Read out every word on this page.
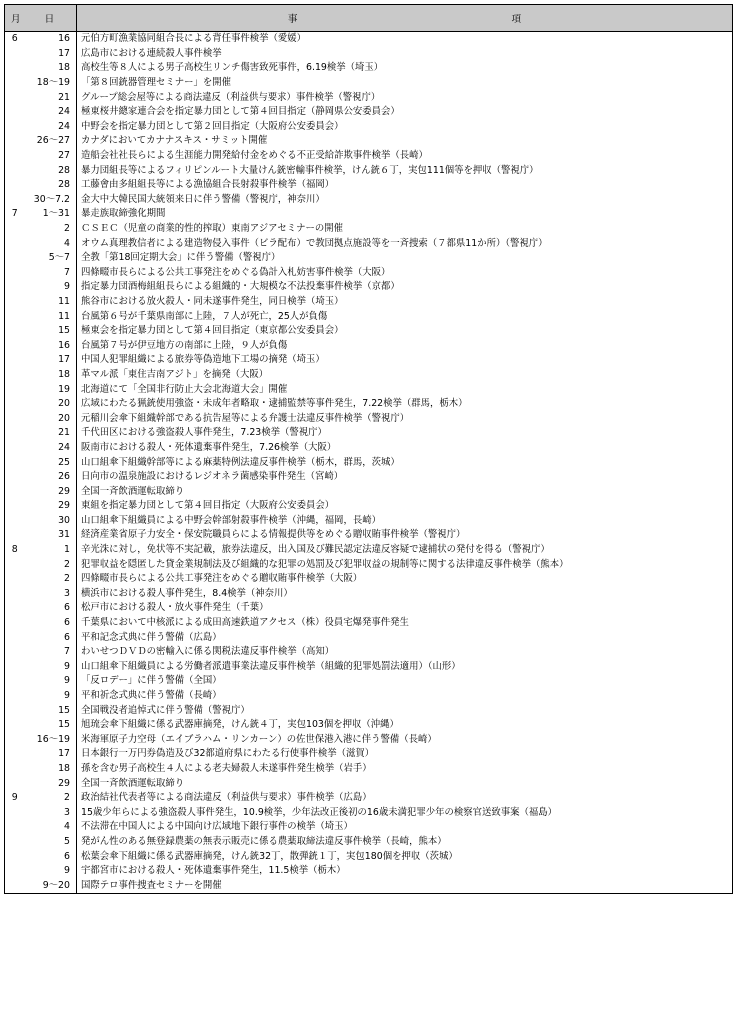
月 日		事 項
6	16	元伯方町漁業協同組合長による背任事件検挙（愛媛）
	17	広島市における連続殺人事件検挙
	18	高校生等８人による男子高校生リンチ傷害致死事件，6.19検挙（埼玉）
	18〜19	「第８回銃器管理セミナー」を開催
	21	グループ総会屋等による商法違反（利益供与要求）事件検挙（警視庁）
	24	極東桜井總家連合会を指定暴力団として第４回目指定（静岡県公安委員会）
	24	中野会を指定暴力団として第２回目指定（大阪府公安委員会）
	26〜27	カナダにおいてカナナスキス・サミット開催
	27	造船会社社長らによる生涯能力開発給付金をめぐる不正受給詐欺事件検挙（長崎）
	28	暴力団組長等によるフィリピンルート大量けん銃密輸事件検挙，けん銃６丁，実包111個等を押収（警視庁）
	28	工藤會由多組組長等による漁協組合長射殺事件検挙（福岡）
	30〜7.2	金大中大韓民国大統領来日に伴う警備（警視庁，神奈川）
7	1〜31	暴走族取締強化期間
	2	ＣＳＥＣ（児童の商業的性的搾取）東南アジアセミナーの開催
	4	オウム真理教信者による建造物侵入事件（ビラ配布）で教団拠点施設等を一斉捜索（７都県11か所）（警視庁）
	5〜7	全教「第18回定期大会」に伴う警備（警視庁）
	7	四條畷市長らによる公共工事発注をめぐる偽計入札妨害事件検挙（大阪）
	9	指定暴力団酒梅組組長らによる組織的・大規模な不法投棄事件検挙（京都）
	11	熊谷市における放火殺人・同未遂事件発生，同日検挙（埼玉）
	11	台風第６号が千葉県南部に上陸，７人が死亡，25人が負傷
	15	極東会を指定暴力団として第４回目指定（東京都公安委員会）
	16	台風第７号が伊豆地方の南部に上陸，９人が負傷
	17	中国人犯罪組織による旅券等偽造地下工場の摘発（埼玉）
	18	革マル派「東住吉南アジト」を摘発（大阪）
	19	北海道にて「全国非行防止大会北海道大会」開催
	20	広域にわたる猟銃使用強盗・未成年者略取・逮捕監禁等事件発生，7.22検挙（群馬，栃木）
	20	元稲川会傘下組織幹部である抗告屋等による弁護士法違反事件検挙（警視庁）
	21	千代田区における強盗殺人事件発生，7.23検挙（警視庁）
	24	阪南市における殺人・死体遺棄事件発生，7.26検挙（大阪）
	25	山口組傘下組織幹部等による麻薬特例法違反事件検挙（栃木，群馬，茨城）
	26	日向市の温泉施設におけるレジオネラ菌感染事件発生（宮崎）
	29	全国一斉飲酒運転取締り
	29	東組を指定暴力団として第４回目指定（大阪府公安委員会）
	30	山口組傘下組織員による中野会幹部射殺事件検挙（沖縄，福岡，長崎）
	31	経済産業省原子力安全・保安院職員らによる情報提供等をめぐる贈収賄事件検挙（警視庁）
8	1	辛光洙に対し，免状等不実記載，旅券法違反，出入国及び難民認定法違反容疑で逮捕状の発付を得る（警視庁）
	2	犯罪収益を隠匿した貸金業規制法及び組織的な犯罪の処罰及び犯罪収益の規制等に関する法律違反事件検挙（熊本）
	2	四條畷市長らによる公共工事発注をめぐる贈収賄事件検挙（大阪）
	3	横浜市における殺人事件発生，8.4検挙（神奈川）
	6	松戸市における殺人・放火事件発生（千葉）
	6	千葉県において中核派による成田高速鉄道アクセス（株）役員宅爆発事件発生
	6	平和記念式典に伴う警備（広島）
	7	わいせつＤＶＤの密輸入に係る関税法違反事件検挙（高知）
	9	山口組傘下組織員による労働者派遣事業法違反事件検挙（組織的犯罪処罰法適用）（山形）
	9	「反ロデー」に伴う警備（全国）
	9	平和祈念式典に伴う警備（長崎）
	15	全国戦没者追悼式に伴う警備（警視庁）
	15	旭琉会傘下組織に係る武器庫摘発，けん銃４丁，実包103個を押収（沖縄）
	16〜19	米海軍原子力空母（エイブラハム・リンカーン）の佐世保港入港に伴う警備（長崎）
	17	日本銀行一万円券偽造及び32都道府県にわたる行使事件検挙（滋賀）
	18	孫を含む男子高校生４人による老夫婦殺人未遂事件発生検挙（岩手）
	29	全国一斉飲酒運転取締り
9	2	政治結社代表者等による商法違反（利益供与要求）事件検挙（広島）
	3	15歳少年らによる強盗殺人事件発生，10.9検挙，少年法改正後初の16歳未満犯罪少年の検察官送致事案（福島）
	4	不法滞在中国人による中国向け広域地下銀行事件の検挙（埼玉）
	5	発がん性のある無登録農薬の無表示販売に係る農薬取締法違反事件検挙（長崎，熊本）
	6	松葉会傘下組織に係る武器庫摘発，けん銃32丁，散弾銃１丁，実包180個を押収（茨城）
	9	宇都宮市における殺人・死体遺棄事件発生，11.5検挙（栃木）
	9〜20	国際テロ事件捜査セミナーを開催
